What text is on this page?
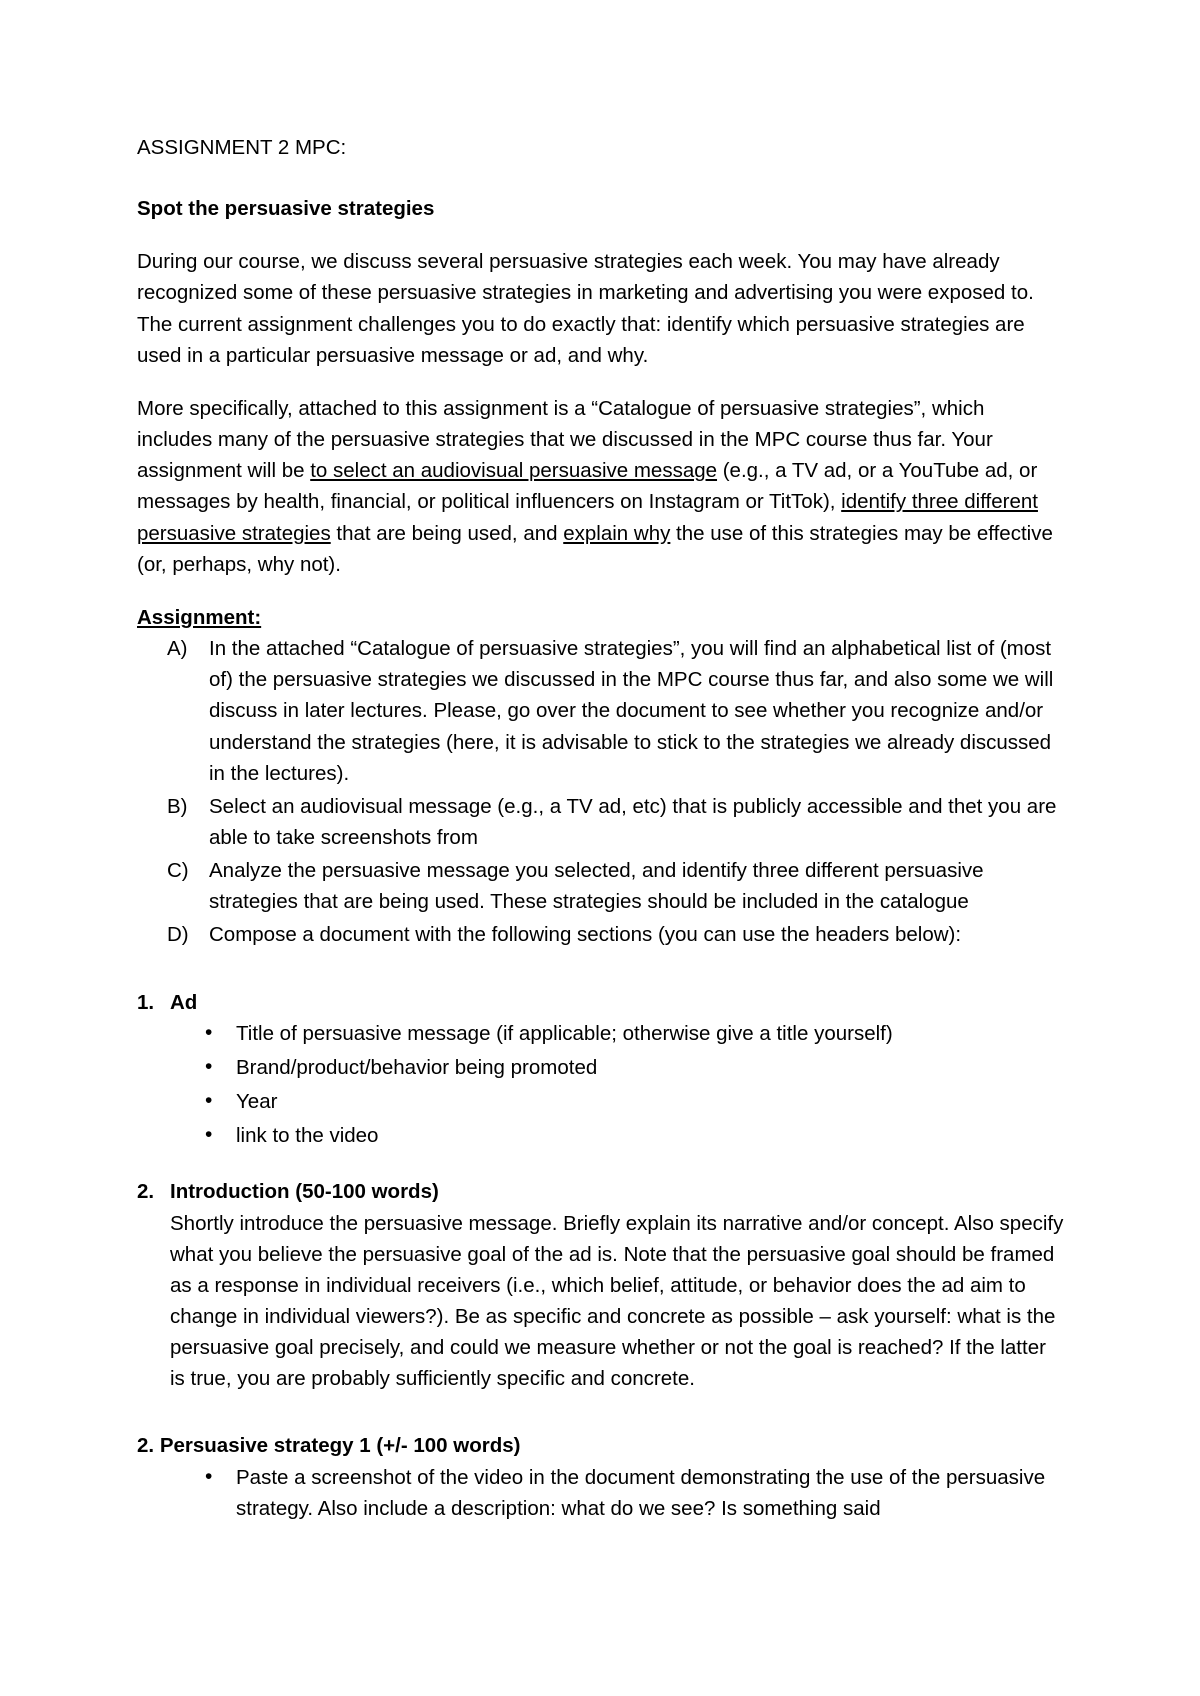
ASSIGNMENT 2 MPC:

Spot the persuasive strategies

During our course, we discuss several persuasive strategies each week. You may have already recognized some of these persuasive strategies in marketing and advertising you were exposed to. The current assignment challenges you to do exactly that: identify which persuasive strategies are used in a particular persuasive message or ad, and why.

More specifically, attached to this assignment is a “Catalogue of persuasive strategies”, which includes many of the persuasive strategies that we discussed in the MPC course thus far. Your assignment will be to select an audiovisual persuasive message (e.g., a TV ad, or a YouTube ad, or messages by health, financial, or political influencers on Instagram or TitTok), identify three different persuasive strategies that are being used, and explain why the use of this strategies may be effective (or, perhaps, why not).

Assignment:

A)	In the attached “Catalogue of persuasive strategies”, you will find an alphabetical list of (most of) the persuasive strategies we discussed in the MPC course thus far, and also some we will discuss in later lectures. Please, go over the document to see whether you recognize and/or understand the strategies (here, it is advisable to stick to the strategies we already discussed in the lectures).
B)	Select an audiovisual message (e.g., a TV ad, etc) that is publicly accessible and thet you are able to take screenshots from
C) Analyze the persuasive message you selected, and identify three different persuasive strategies that are being used. These strategies should be included in the catalogue
D) Compose a document with the following sections (you can use the headers below):

1. Ad

• Title of persuasive message (if applicable; otherwise give a title yourself)
• Brand/product/behavior being promoted
• Year
• link to the video

2. Introduction (50-100 words)

Shortly introduce the persuasive message. Briefly explain its narrative and/or concept. Also specify what you believe the persuasive goal of the ad is. Note that the persuasive goal should be framed as a response in individual receivers (i.e., which belief, attitude, or behavior does the ad aim to change in individual viewers?). Be as specific and concrete as possible – ask yourself: what is the persuasive goal precisely, and could we measure whether or not the goal is reached? If the latter is true, you are probably sufficiently specific and concrete.

2. Persuasive strategy 1 (+/- 100 words)

• Paste a screenshot of the video in the document demonstrating the use of the persuasive strategy. Also include a description: what do we see? Is something said
